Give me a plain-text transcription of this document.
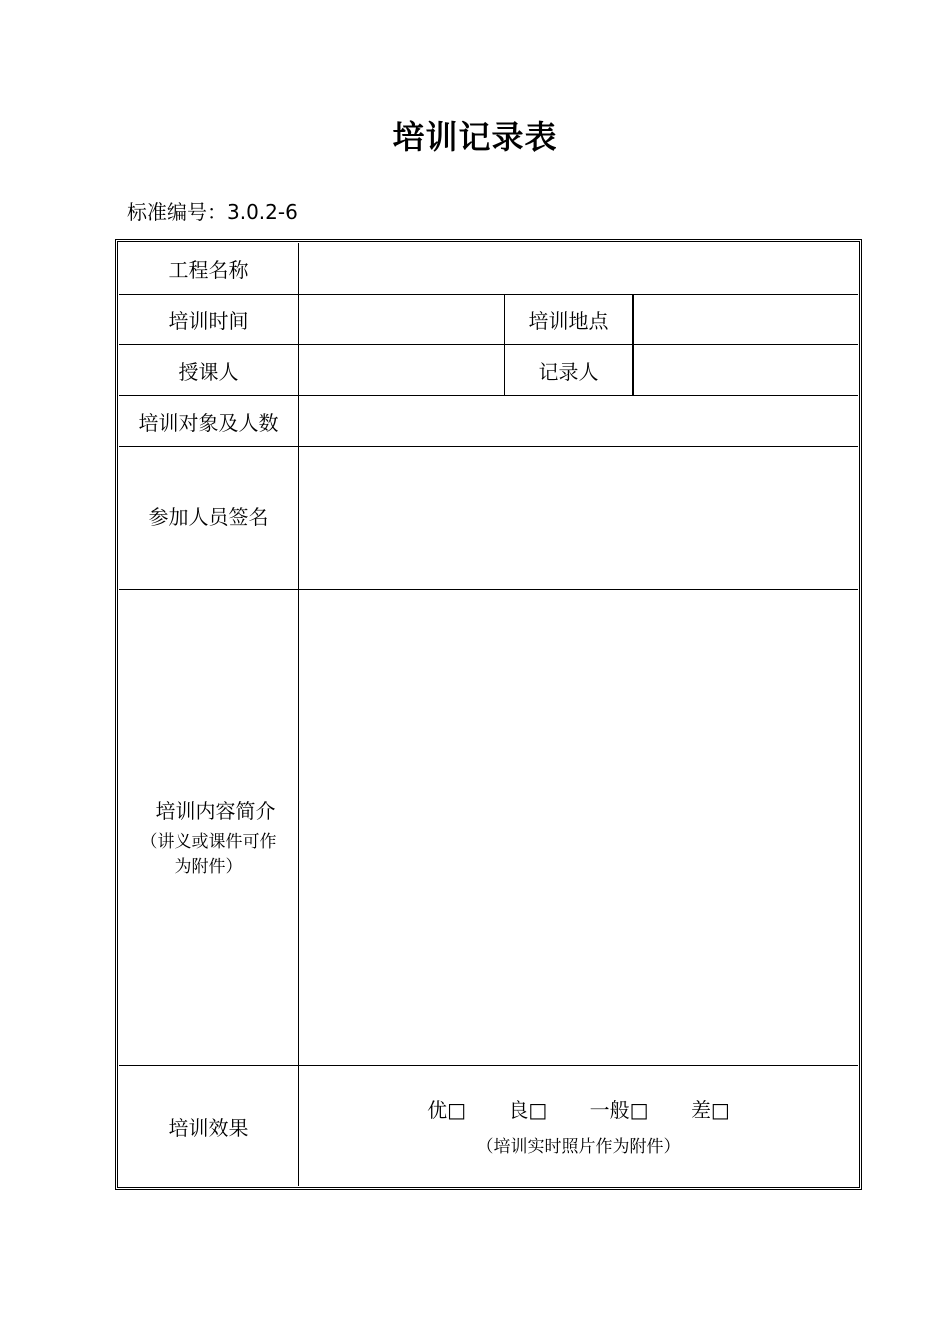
培训记录表
标准编号：3.0.2-6
工程名称
培训时间	培训地点
授课人	记录人
培训对象及人数
参加人员签名
培训内容简介
（讲义或课件可作
为附件）
培训效果
优□ 良□ 一般□ 差□
（培训实时照片作为附件）
